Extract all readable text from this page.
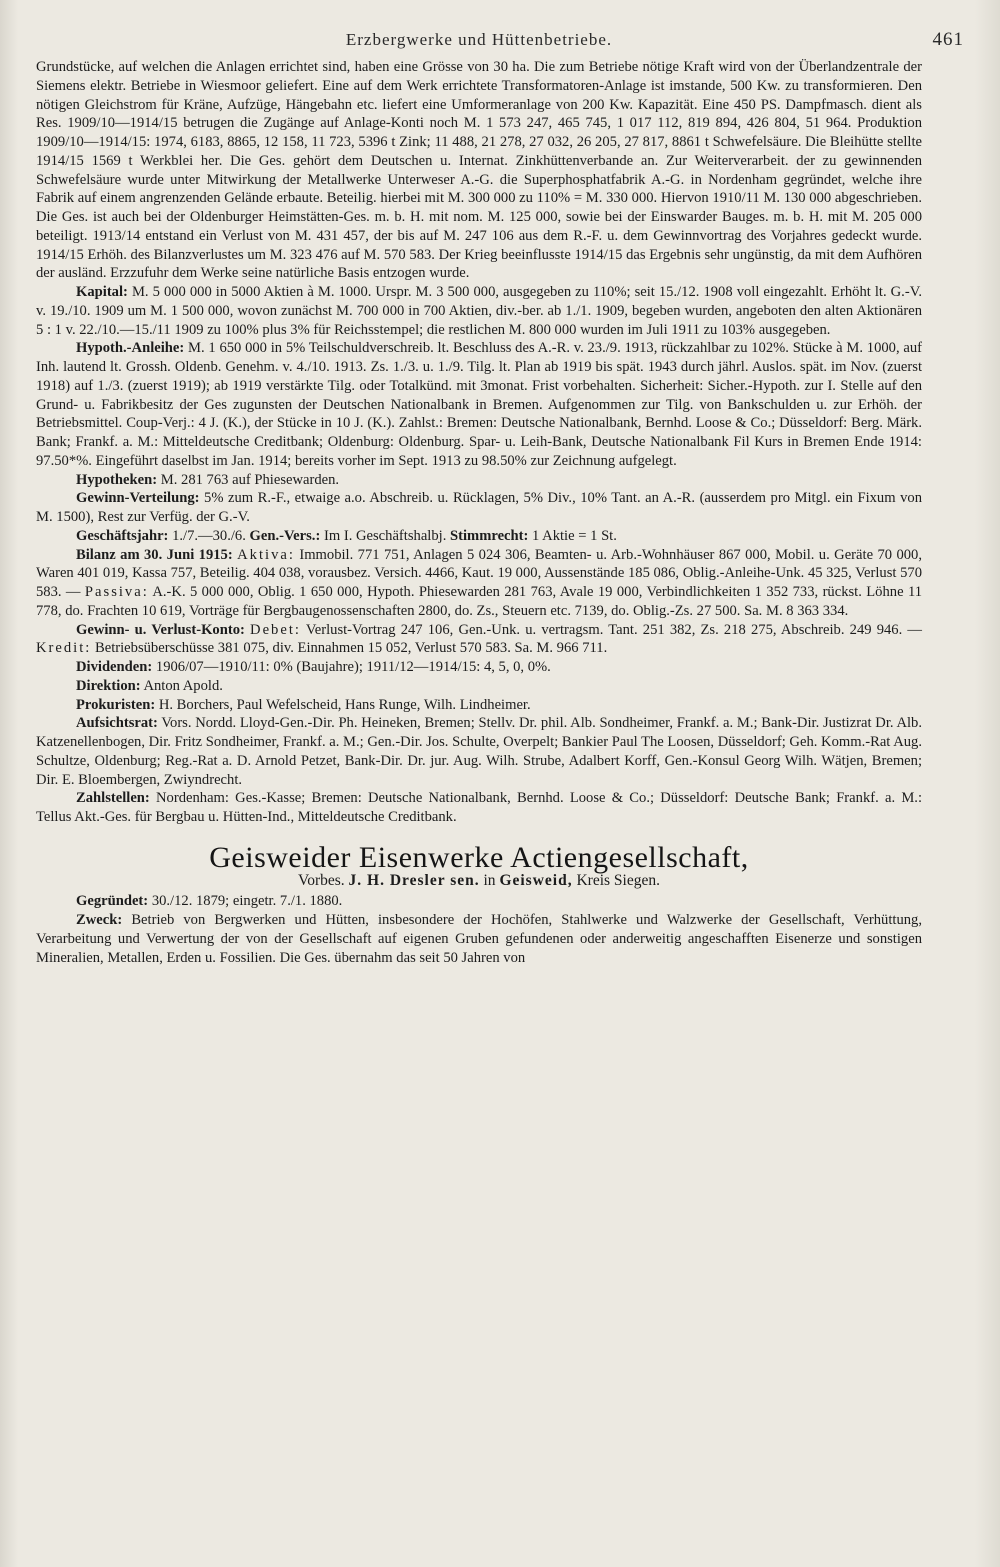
Erzbergwerke und Hüttenbetriebe.	461

Grundstücke, auf welchen die Anlagen errichtet sind, haben eine Grösse von 30 ha. Die zum Betriebe nötige Kraft wird von der Überlandzentrale der Siemens elektr. Betriebe in Wiesmoor geliefert. Eine auf dem Werk errichtete Transformatoren-Anlage ist imstande, 500 Kw. zu transformieren. Den nötigen Gleichstrom für Kräne, Aufzüge, Hängebahn etc. liefert eine Umformeranlage von 200 Kw. Kapazität. Eine 450 PS. Dampfmasch. dient als Res. 1909/10—1914/15 betrugen die Zugänge auf Anlage-Konti noch M. 1 573 247, 465 745, 1 017 112, 819 894, 426 804, 51 964. Produktion 1909/10—1914/15: 1974, 6183, 8865, 12 158, 11 723, 5396 t Zink; 11 488, 21 278, 27 032, 26 205, 27 817, 8861 t Schwefelsäure. Die Bleihütte stellte 1914/15 1569 t Werkblei her. Die Ges. gehört dem Deutschen u. Internat. Zinkhüttenverbande an. Zur Weiterverarbeit. der zu gewinnenden Schwefelsäure wurde unter Mitwirkung der Metallwerke Unterweser A.-G. die Superphosphatfabrik A.-G. in Nordenham gegründet, welche ihre Fabrik auf einem angrenzenden Gelände erbaute. Beteilig. hierbei mit M. 300 000 zu 110% = M. 330 000. Hiervon 1910/11 M. 130 000 abgeschrieben. Die Ges. ist auch bei der Oldenburger Heimstätten-Ges. m. b. H. mit nom. M. 125 000, sowie bei der Einswarder Bauges. m. b. H. mit M. 205 000 beteiligt. 1913/14 entstand ein Verlust von M. 431 457, der bis auf M. 247 106 aus dem R.-F. u. dem Gewinnvortrag des Vorjahres gedeckt wurde. 1914/15 Erhöh. des Bilanzverlustes um M. 323 476 auf M. 570 583. Der Krieg beeinflusste 1914/15 das Ergebnis sehr ungünstig, da mit dem Aufhören der ausländ. Erzzufuhr dem Werke seine natürliche Basis entzogen wurde.

Kapital: M. 5 000 000 in 5000 Aktien à M. 1000. Urspr. M. 3 500 000, ausgegeben zu 110%; seit 15./12. 1908 voll eingezahlt. Erhöht lt. G.-V. v. 19./10. 1909 um M. 1 500 000, wovon zunächst M. 700 000 in 700 Aktien, div.-ber. ab 1./1. 1909, begeben wurden, angeboten den alten Aktionären 5 : 1 v. 22./10.—15./11 1909 zu 100% plus 3% für Reichsstempel; die restlichen M. 800 000 wurden im Juli 1911 zu 103% ausgegeben.

Hypoth.-Anleihe: M. 1 650 000 in 5% Teilschuldverschreib. lt. Beschluss des A.-R. v. 23./9. 1913, rückzahlbar zu 102%. Stücke à M. 1000, auf Inh. lautend lt. Grossh. Oldenb. Genehm. v. 4./10. 1913. Zs. 1./3. u. 1./9. Tilg. lt. Plan ab 1919 bis spät. 1943 durch jährl. Auslos. spät. im Nov. (zuerst 1918) auf 1./3. (zuerst 1919); ab 1919 verstärkte Tilg. oder Totalkünd. mit 3monat. Frist vorbehalten. Sicherheit: Sicher.-Hypoth. zur I. Stelle auf den Grund- u. Fabrikbesitz der Ges zugunsten der Deutschen Nationalbank in Bremen. Aufgenommen zur Tilg. von Bankschulden u. zur Erhöh. der Betriebsmittel. Coup-Verj.: 4 J. (K.), der Stücke in 10 J. (K.). Zahlst.: Bremen: Deutsche Nationalbank, Bernhd. Loose & Co.; Düsseldorf: Berg. Märk. Bank; Frankf. a. M.: Mitteldeutsche Creditbank; Oldenburg: Oldenburg. Spar- u. Leih-Bank, Deutsche Nationalbank Fil Kurs in Bremen Ende 1914: 97.50*%. Eingeführt daselbst im Jan. 1914; bereits vorher im Sept. 1913 zu 98.50% zur Zeichnung aufgelegt.

Hypotheken: M. 281 763 auf Phiesewarden.

Gewinn-Verteilung: 5% zum R.-F., etwaige a.o. Abschreib. u. Rücklagen, 5% Div., 10% Tant. an A.-R. (ausserdem pro Mitgl. ein Fixum von M. 1500), Rest zur Verfüg. der G.-V.

Geschäftsjahr: 1./7.—30./6. Gen.-Vers.: Im I. Geschäftshalbj. Stimmrecht: 1 Aktie = 1 St.

Bilanz am 30. Juni 1915: Aktiva: Immobil. 771 751, Anlagen 5 024 306, Beamten- u. Arb.-Wohnhäuser 867 000, Mobil. u. Geräte 70 000, Waren 401 019, Kassa 757, Beteilig. 404 038, vorausbez. Versich. 4466, Kaut. 19 000, Aussenstände 185 086, Oblig.-Anleihe-Unk. 45 325, Verlust 570 583. — Passiva: A.-K. 5 000 000, Oblig. 1 650 000, Hypoth. Phiesewarden 281 763, Avale 19 000, Verbindlichkeiten 1 352 733, rückst. Löhne 11 778, do. Frachten 10 619, Vorträge für Bergbaugenossenschaften 2800, do. Zs., Steuern etc. 7139, do. Oblig.-Zs. 27 500. Sa. M. 8 363 334.

Gewinn- u. Verlust-Konto: Debet: Verlust-Vortrag 247 106, Gen.-Unk. u. vertragsm. Tant. 251 382, Zs. 218 275, Abschreib. 249 946. — Kredit: Betriebsüberschüsse 381 075, div. Einnahmen 15 052, Verlust 570 583. Sa. M. 966 711.

Dividenden: 1906/07—1910/11: 0% (Baujahre); 1911/12—1914/15: 4, 5, 0, 0%.

Direktion: Anton Apold.

Prokuristen: H. Borchers, Paul Wefelscheid, Hans Runge, Wilh. Lindheimer.

Aufsichtsrat: Vors. Nordd. Lloyd-Gen.-Dir. Ph. Heineken, Bremen; Stellv. Dr. phil. Alb. Sondheimer, Frankf. a. M.; Bank-Dir. Justizrat Dr. Alb. Katzenellenbogen, Dir. Fritz Sondheimer, Frankf. a. M.; Gen.-Dir. Jos. Schulte, Overpelt; Bankier Paul The Loosen, Düsseldorf; Geh. Komm.-Rat Aug. Schultze, Oldenburg; Reg.-Rat a. D. Arnold Petzet, Bank-Dir. Dr. jur. Aug. Wilh. Strube, Adalbert Korff, Gen.-Konsul Georg Wilh. Wätjen, Bremen; Dir. E. Bloembergen, Zwiyndrecht.

Zahlstellen: Nordenham: Ges.-Kasse; Bremen: Deutsche Nationalbank, Bernhd. Loose & Co.; Düsseldorf: Deutsche Bank; Frankf. a. M.: Tellus Akt.-Ges. für Bergbau u. Hütten-Ind., Mitteldeutsche Creditbank.

Geisweider Eisenwerke Actiengesellschaft,
Vorbes. J. H. Dresler sen. in Geisweid, Kreis Siegen.

Gegründet: 30./12. 1879; eingetr. 7./1. 1880.

Zweck: Betrieb von Bergwerken und Hütten, insbesondere der Hochöfen, Stahlwerke und Walzwerke der Gesellschaft, Verhüttung, Verarbeitung und Verwertung der von der Gesellschaft auf eigenen Gruben gefundenen oder anderweitig angeschafften Eisenerze und sonstigen Mineralien, Metallen, Erden u. Fossilien. Die Ges. übernahm das seit 50 Jahren von
